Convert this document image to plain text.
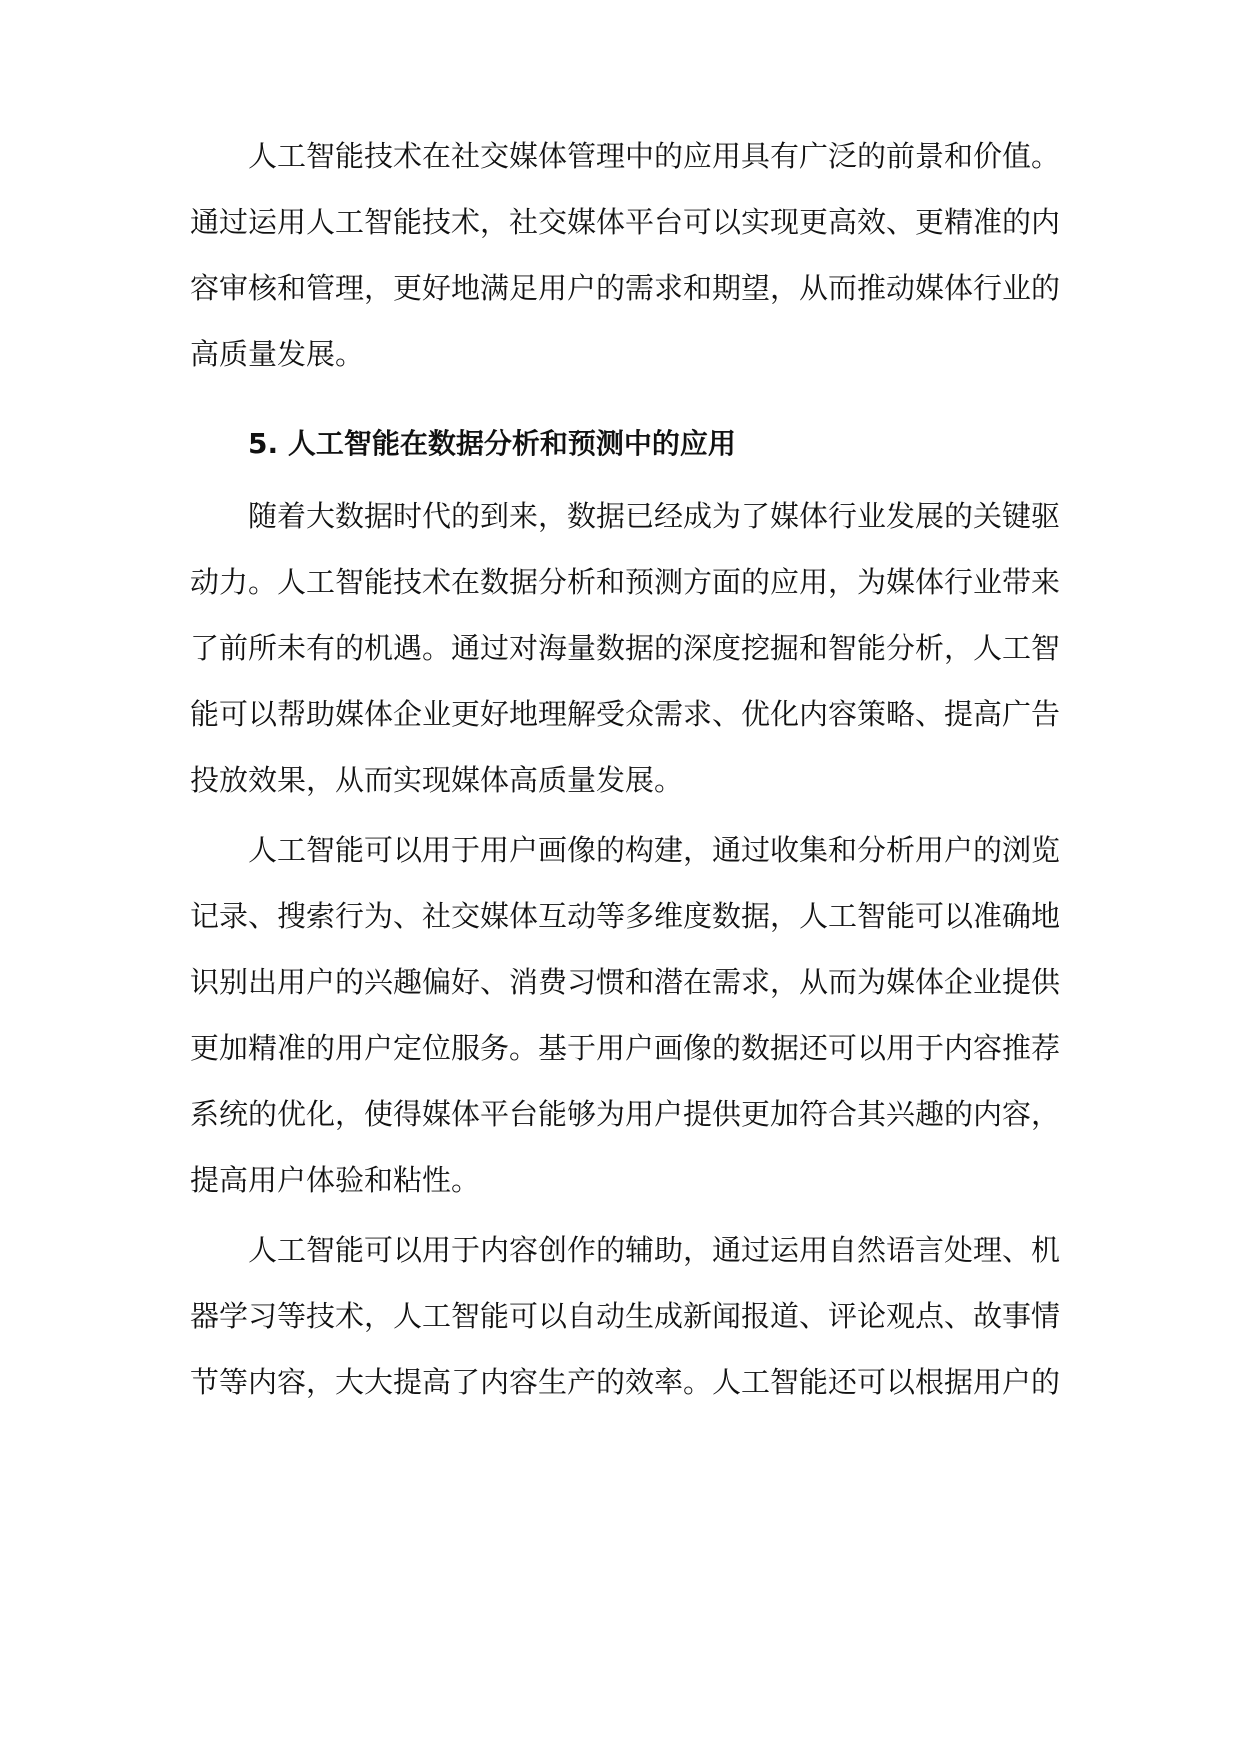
人工智能技术在社交媒体管理中的应用具有广泛的前景和价值。
通过运用人工智能技术，社交媒体平台可以实现更高效、更精准的内
容审核和管理，更好地满足用户的需求和期望，从而推动媒体行业的
高质量发展。
5. 人工智能在数据分析和预测中的应用
随着大数据时代的到来，数据已经成为了媒体行业发展的关键驱
动力。人工智能技术在数据分析和预测方面的应用，为媒体行业带来
了前所未有的机遇。通过对海量数据的深度挖掘和智能分析，人工智
能可以帮助媒体企业更好地理解受众需求、优化内容策略、提高广告
投放效果，从而实现媒体高质量发展。
人工智能可以用于用户画像的构建，通过收集和分析用户的浏览
记录、搜索行为、社交媒体互动等多维度数据，人工智能可以准确地
识别出用户的兴趣偏好、消费习惯和潜在需求，从而为媒体企业提供
更加精准的用户定位服务。基于用户画像的数据还可以用于内容推荐
系统的优化，使得媒体平台能够为用户提供更加符合其兴趣的内容，
提高用户体验和粘性。
人工智能可以用于内容创作的辅助，通过运用自然语言处理、机
器学习等技术，人工智能可以自动生成新闻报道、评论观点、故事情
节等内容，大大提高了内容生产的效率。人工智能还可以根据用户的
